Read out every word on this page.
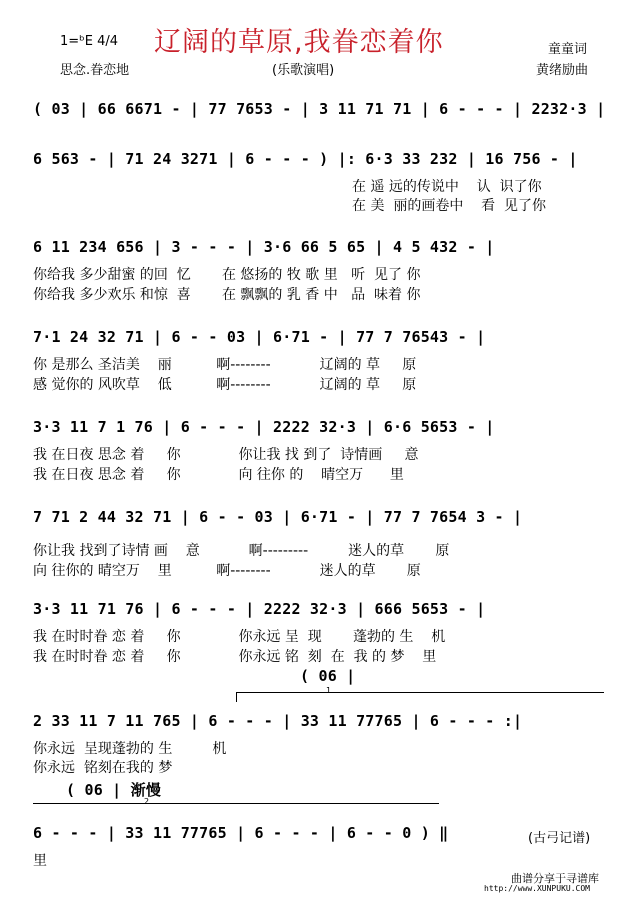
1=ᵇE 4/4 辽阔的草原,我眷恋着你	童童词
思念.眷恋地	(乐歌演唱)	黄绪励曲
( 03 | 66 6671 - | 77 7653 - | 3 11 71 71 | 6 - - - | 2232·3 |
6 563 - | 71 24 3271 | 6 - - - ) |: 6·3 33 232 | 16 756 - |
在 遥 远的传说中    认  识了你
在 美  丽的画卷中    看  见了你
6 11 234 656 | 3 - - - | 3·6 66 5 65 | 4 5 432 - |
你给我 多少甜蜜 的回  忆       在 悠扬的 牧 歌 里   听  见了 你
你给我 多少欢乐 和惊  喜       在 飘飘的 乳 香 中   品  味着 你
7·1 24 32 71 | 6 - - 03 | 6·71 - | 77 7 76543 - |
你 是那么 圣洁美    丽          啊--------           辽阔的 草     原
感 觉你的 风吹草    低          啊--------           辽阔的 草     原
3·3 11 7 1 76 | 6 - - - | 2222 32·3 | 6·6 5653 - |
我 在日夜 思念 着     你             你让我 找 到了  诗情画     意
我 在日夜 思念 着     你             向 往你 的    晴空万      里
7 71 2 44 32 71 | 6 - - 03 | 6·71 - | 77 7 7654 3 - |
你让我 找到了诗情 画    意           啊---------         迷人的草       原
向 往你的 晴空万    里          啊--------           迷人的草       原
3·3 11 71 76 | 6 - - - | 2222 32·3 | 666 5653 - |
我 在时时眷 恋 着     你             你永远 呈  现       蓬勃的 生    机
我 在时时眷 恋 着     你             你永远 铭  刻  在  我 的 梦    里
( 06 |
1
2 33 11 7 11 765 | 6 - - - | 33 11 77765 | 6 - - - :|
你永远  呈现蓬勃的 生         机
你永远  铭刻在我的 梦
( 06 | 渐慢
2
6 - - - | 33 11 77765 | 6 - - - | 6 - - 0 ) ‖	(古弓记谱)
里
曲谱分享于寻谱库
http://www.XUNPUKU.COM
